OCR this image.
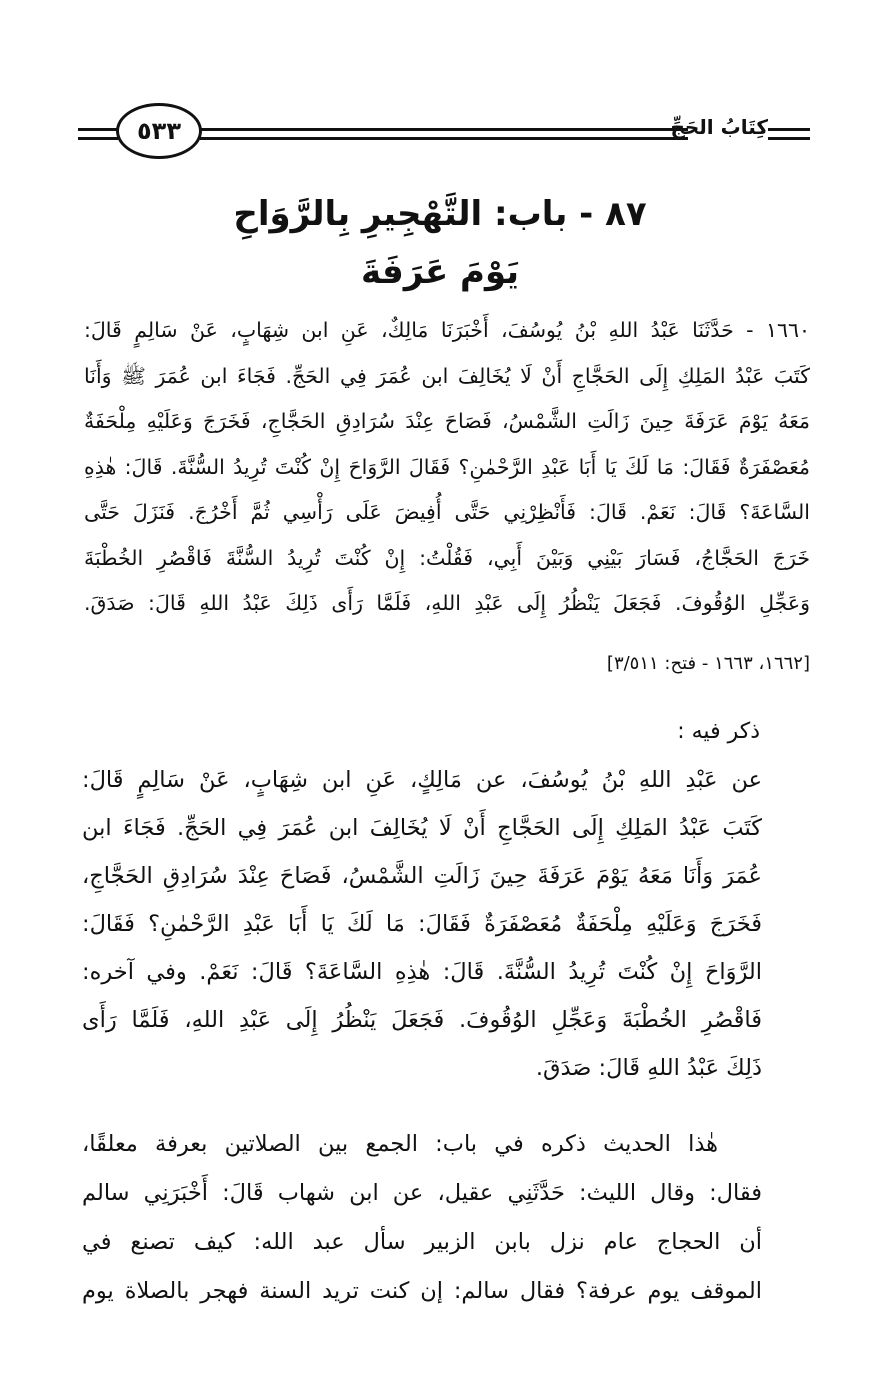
٥٣٣	كِتَابُ الحَجِّ
٨٧ - باب: التَّهْجِيرِ بِالرَّوَاحِ
يَوْمَ عَرَفَةَ
١٦٦٠ - حَدَّثَنَا عَبْدُ اللهِ بْنُ يُوسُفَ، أَخْبَرَنَا مَالِكٌ، عَنِ ابن شِهَابٍ، عَنْ سَالِمٍ قَالَ:
كَتَبَ عَبْدُ المَلِكِ إِلَى الحَجَّاجِ أَنْ لَا يُخَالِفَ ابن عُمَرَ فِي الحَجِّ. فَجَاءَ ابن عُمَرَ ﷺ وَأَنَا
مَعَهُ يَوْمَ عَرَفَةَ حِينَ زَالَتِ الشَّمْسُ، فَصَاحَ عِنْدَ سُرَادِقِ الحَجَّاجِ، فَخَرَجَ وَعَلَيْهِ مِلْحَفَةٌ
مُعَصْفَرَةٌ فَقَالَ: مَا لَكَ يَا أَبَا عَبْدِ الرَّحْمٰنِ؟ فَقَالَ الرَّوَاحَ إِنْ كُنْتَ تُرِيدُ السُّنَّةَ. قَالَ: هٰذِهِ
السَّاعَةَ؟ قَالَ: نَعَمْ. قَالَ: فَأَنْظِرْنِي حَتَّى أُفِيضَ عَلَى رَأْسِي ثُمَّ أَخْرُجَ. فَنَزَلَ حَتَّى
خَرَجَ الحَجَّاجُ، فَسَارَ بَيْنِي وَبَيْنَ أَبِي، فَقُلْتُ: إِنْ كُنْتَ تُرِيدُ السُّنَّةَ فَاقْصُرِ الخُطْبَةَ
وَعَجِّلِ الوُقُوفَ. فَجَعَلَ يَنْظُرُ إِلَى عَبْدِ اللهِ، فَلَمَّا رَأَى ذَلِكَ عَبْدُ اللهِ قَالَ: صَدَقَ.
[١٦٦٢، ١٦٦٣ - فتح: ٣/٥١١]
ذكر فيه :
عن عَبْدِ اللهِ بْنُ يُوسُفَ، عن مَالِكٍ، عَنِ ابن شِهَابٍ، عَنْ سَالِمٍ قَالَ:
كَتَبَ عَبْدُ المَلِكِ إِلَى الحَجَّاجِ أَنْ لَا يُخَالِفَ ابن عُمَرَ فِي الحَجِّ. فَجَاءَ ابن
عُمَرَ وَأَنَا مَعَهُ يَوْمَ عَرَفَةَ حِينَ زَالَتِ الشَّمْسُ، فَصَاحَ عِنْدَ سُرَادِقِ الحَجَّاجِ،
فَخَرَجَ وَعَلَيْهِ مِلْحَفَةٌ مُعَصْفَرَةٌ فَقَالَ: مَا لَكَ يَا أَبَا عَبْدِ الرَّحْمٰنِ؟ فَقَالَ:
الرَّوَاحَ إِنْ كُنْتَ تُرِيدُ السُّنَّةَ. قَالَ: هٰذِهِ السَّاعَةَ؟ قَالَ: نَعَمْ. وفي آخره:
فَاقْصُرِ الخُطْبَةَ وَعَجِّلِ الوُقُوفَ. فَجَعَلَ يَنْظُرُ إِلَى عَبْدِ اللهِ، فَلَمَّا رَأَى
ذَلِكَ عَبْدُ اللهِ قَالَ: صَدَقَ.
هٰذا الحديث ذكره في باب: الجمع بين الصلاتين بعرفة معلقًا،
فقال: وقال الليث: حَدَّثَنِي عقيل، عن ابن شهاب قَالَ: أَخْبَرَنِي سالم
أن الحجاج عام نزل بابن الزبير سأل عبد الله: كيف تصنع في
الموقف يوم عرفة؟ فقال سالم: إن كنت تريد السنة فهجر بالصلاة يوم
